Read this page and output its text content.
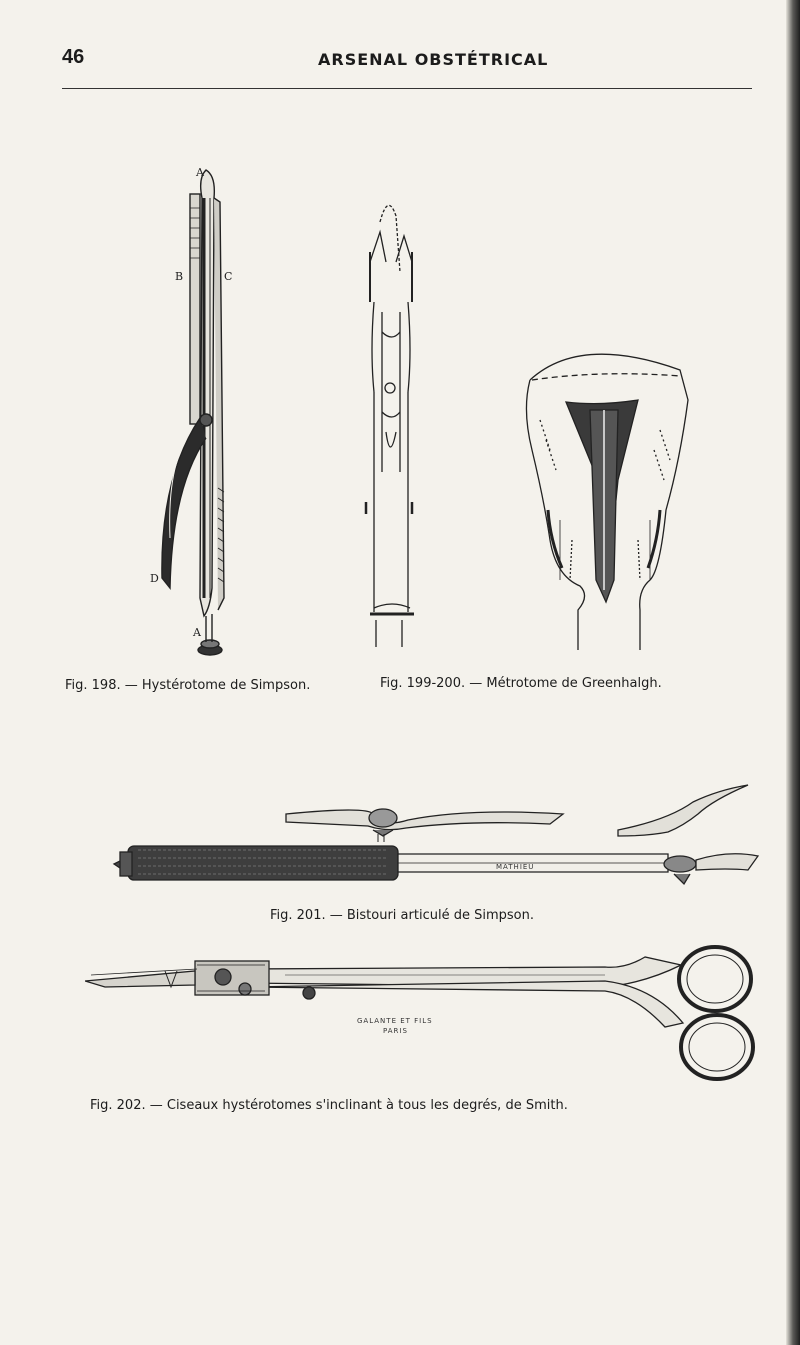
46	ARSENAL OBSTÉTRICAL
A
B	C
D
A
Fig. 198. — Hystérotome de Simpson.	Fig. 199-200. — Métrotome de Greenhalgh.
MATHIEU
Fig. 201. — Bistouri articulé de Simpson.
GALANTE ET FILS
PARIS
Fig. 202. — Ciseaux hystérotomes s'inclinant à tous les degrés, de Smith.
